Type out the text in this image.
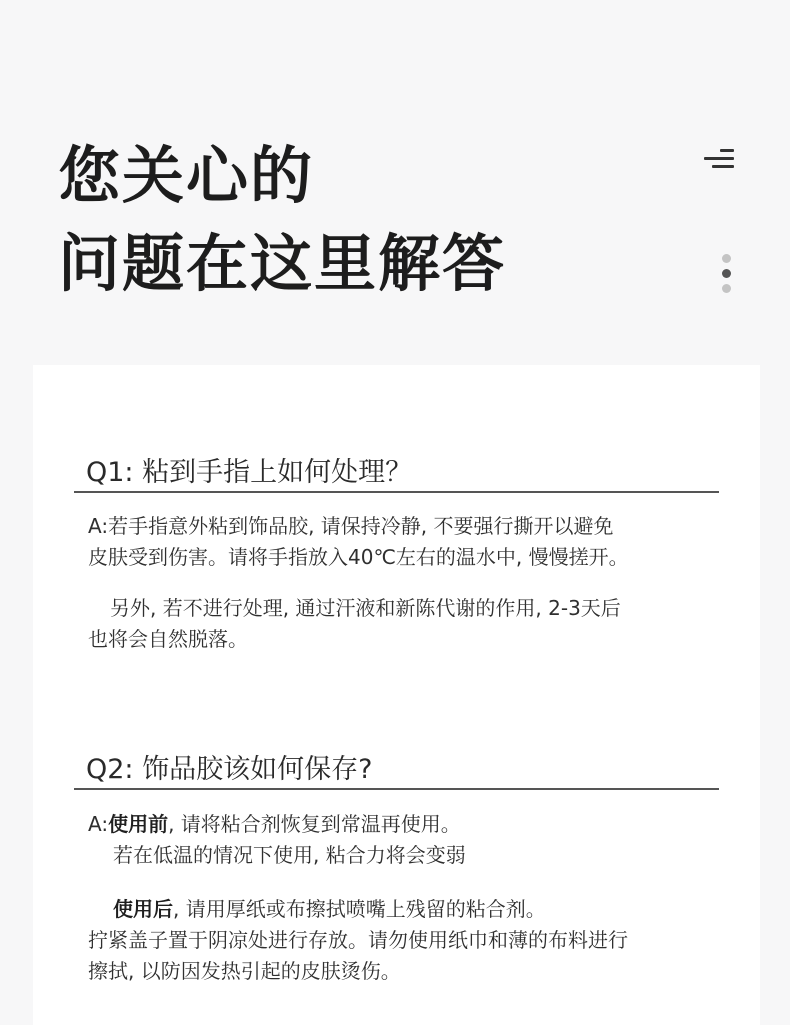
您关心的
问题在这里解答
Q1: 粘到手指上如何处理？

A:若手指意外粘到饰品胶, 请保持冷静, 不要强行撕开以避免

皮肤受到伤害。请将手指放入40℃左右的温水中, 慢慢搓开。

另外, 若不进行处理, 通过汗液和新陈代谢的作用, 2-3天后

也将会自然脱落。

Q2: 饰品胶该如何保存?

A:使用前, 请将粘合剂恢复到常温再使用。

若在低温的情况下使用, 粘合力将会变弱

使用后, 请用厚纸或布擦拭喷嘴上残留的粘合剂。

拧紧盖子置于阴凉处进行存放。请勿使用纸巾和薄的布料进行

擦拭, 以防因发热引起的皮肤烫伤。
